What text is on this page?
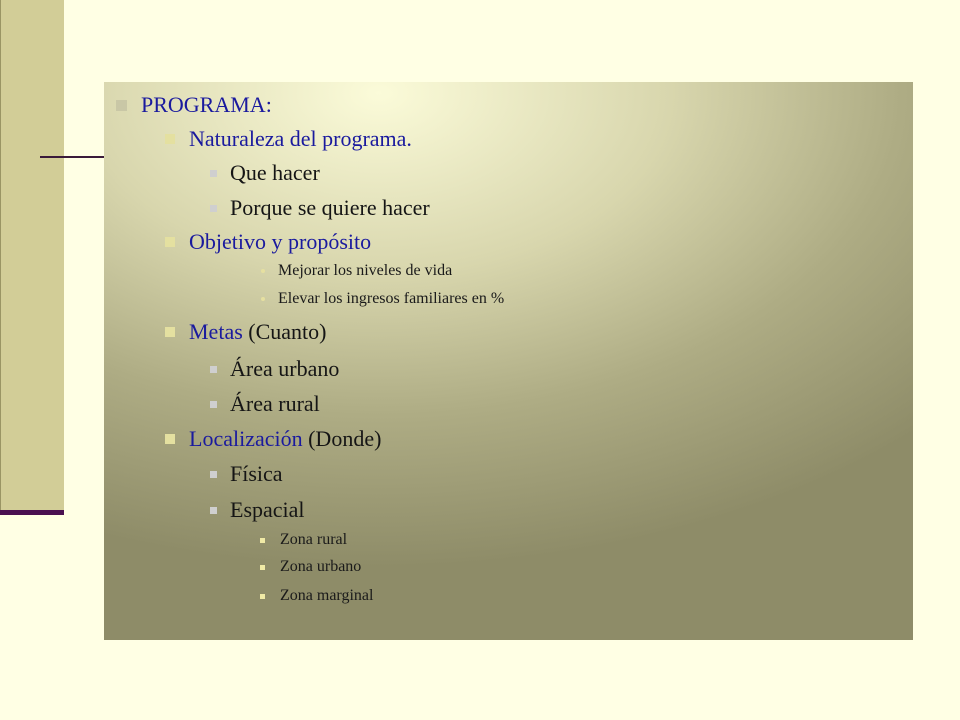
PROGRAMA:
Naturaleza del programa.
Que hacer
Porque se quiere hacer
Objetivo y propósito
Mejorar los niveles de vida
Elevar los ingresos familiares en %
Metas (Cuanto)
Área urbano
Área rural
Localización (Donde)
Física
Espacial
Zona rural
Zona urbano
Zona marginal
